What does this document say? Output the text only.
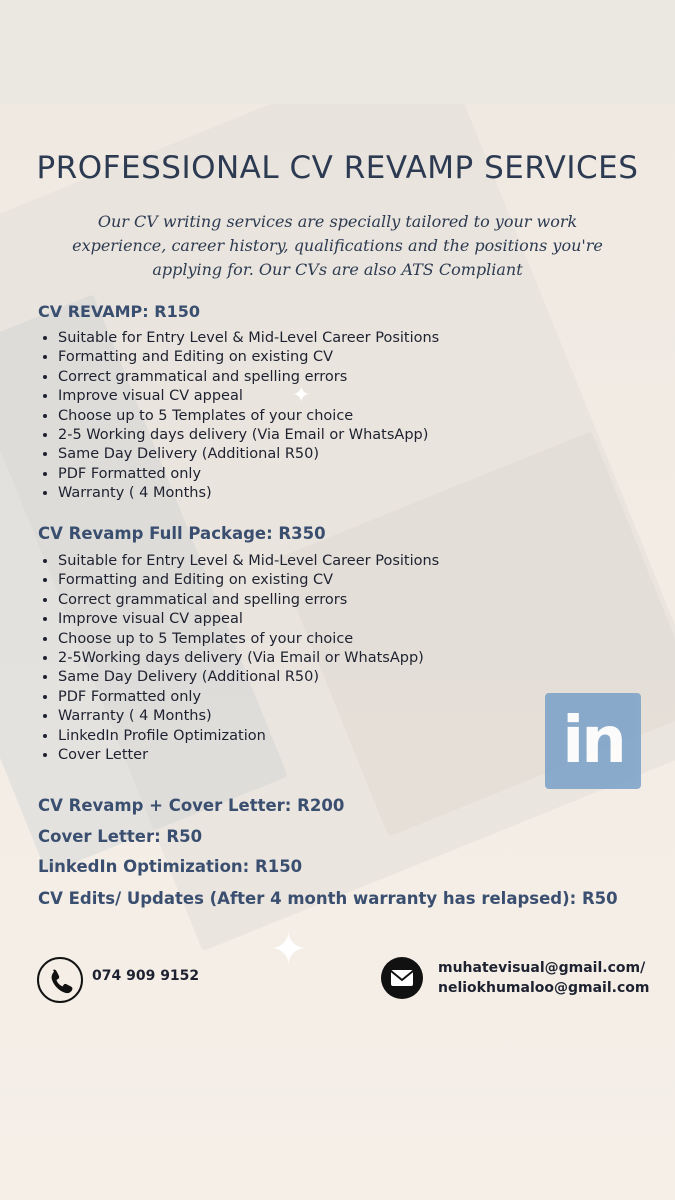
✦
✦
PROFESSIONAL CV REVAMP SERVICES
Our CV writing services are specially tailored to your work
experience, career history, qualifications and the positions you're
applying for. Our CVs are also ATS Compliant
CV REVAMP: R150
• Suitable for Entry Level & Mid-Level Career Positions
• Formatting and Editing on existing CV
• Correct grammatical and spelling errors
• Improve visual CV appeal
• Choose up to 5 Templates of your choice
• 2-5 Working days delivery (Via Email or WhatsApp)
• Same Day Delivery (Additional R50)
• PDF Formatted only
• Warranty ( 4 Months)
CV Revamp Full Package: R350
• Suitable for Entry Level & Mid-Level Career Positions
• Formatting and Editing on existing CV
• Correct grammatical and spelling errors
• Improve visual CV appeal
• Choose up to 5 Templates of your choice
• 2-5Working days delivery (Via Email or WhatsApp)
• Same Day Delivery (Additional R50)
• PDF Formatted only
• Warranty ( 4 Months)
• LinkedIn Profile Optimization
• Cover Letter	in
CV Revamp + Cover Letter: R200
Cover Letter: R50
LinkedIn Optimization: R150
CV Edits/ Updates (After 4 month warranty has relapsed): R50
074 909 9152	muhatevisual@gmail.com/
neliokhumaloo@gmail.com
